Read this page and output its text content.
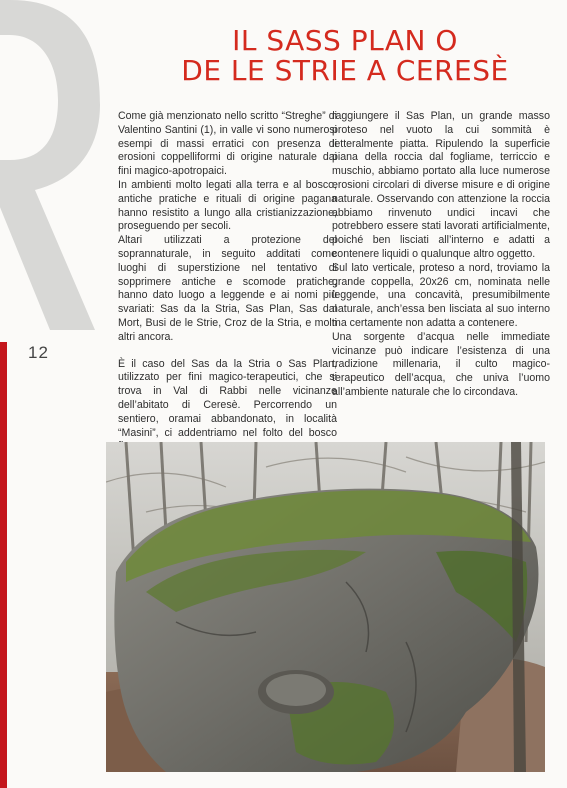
12
IL SASS PLAN O
DE LE STRIE A CERESÈ

Come già menzionato nello scritto “Streghe” di Valentino Santini (1), in valle vi sono numerosi esempi di massi erratici con presenza di erosioni coppelliformi di origine naturale dai fini magico-apotropaici.

In ambienti molto legati alla terra e al bosco, antiche pratiche e rituali di origine pagana hanno resistito a lungo alla cristianizzazione, proseguendo per secoli.

Altari utilizzati a protezione del soprannaturale, in seguito additati come luoghi di superstizione nel tentativo di sopprimere antiche e scomode pratiche, hanno dato luogo a leggende e ai nomi più svariati: Sas da la Stria, Sas Plan, Sas dal Mort, Busi de le Strie, Croz de la Stria, e molti altri ancora.

È il caso del Sas da la Stria o Sas Plan, utilizzato per fini magico-terapeutici, che si trova in Val di Rabbi nelle vicinanze dell’abitato di Ceresè. Percorrendo un sentiero, oramai abbandonato, in località “Masini”, ci addentriamo nel folto del bosco

raggiungere il Sas Plan, un grande masso proteso nel vuoto la cui sommità è letteralmente piatta. Ripulendo la superficie piana della roccia dal fogliame, terriccio e muschio, abbiamo portato alla luce numerose erosioni circolari di diverse misure e di origine naturale. Osservando con attenzione la roccia abbiamo rinvenuto undici incavi che potrebbero essere stati lavorati artificialmente, poiché ben lisciati all’interno e adatti a contenere liquidi o qualunque altro oggetto.

Sul lato verticale, proteso a nord, troviamo la grande coppella, 20x26 cm, nominata nelle leggende, una concavità, presumibilmente naturale, anch’essa ben lisciata al suo interno ma certamente non adatta a contenere.

Una sorgente d’acqua nelle immediate vicinanze può indicare l’esistenza di una tradizione millenaria, il culto magico-terapeutico dell’acqua, che univa l’uomo all’ambiente naturale che lo circondava.
